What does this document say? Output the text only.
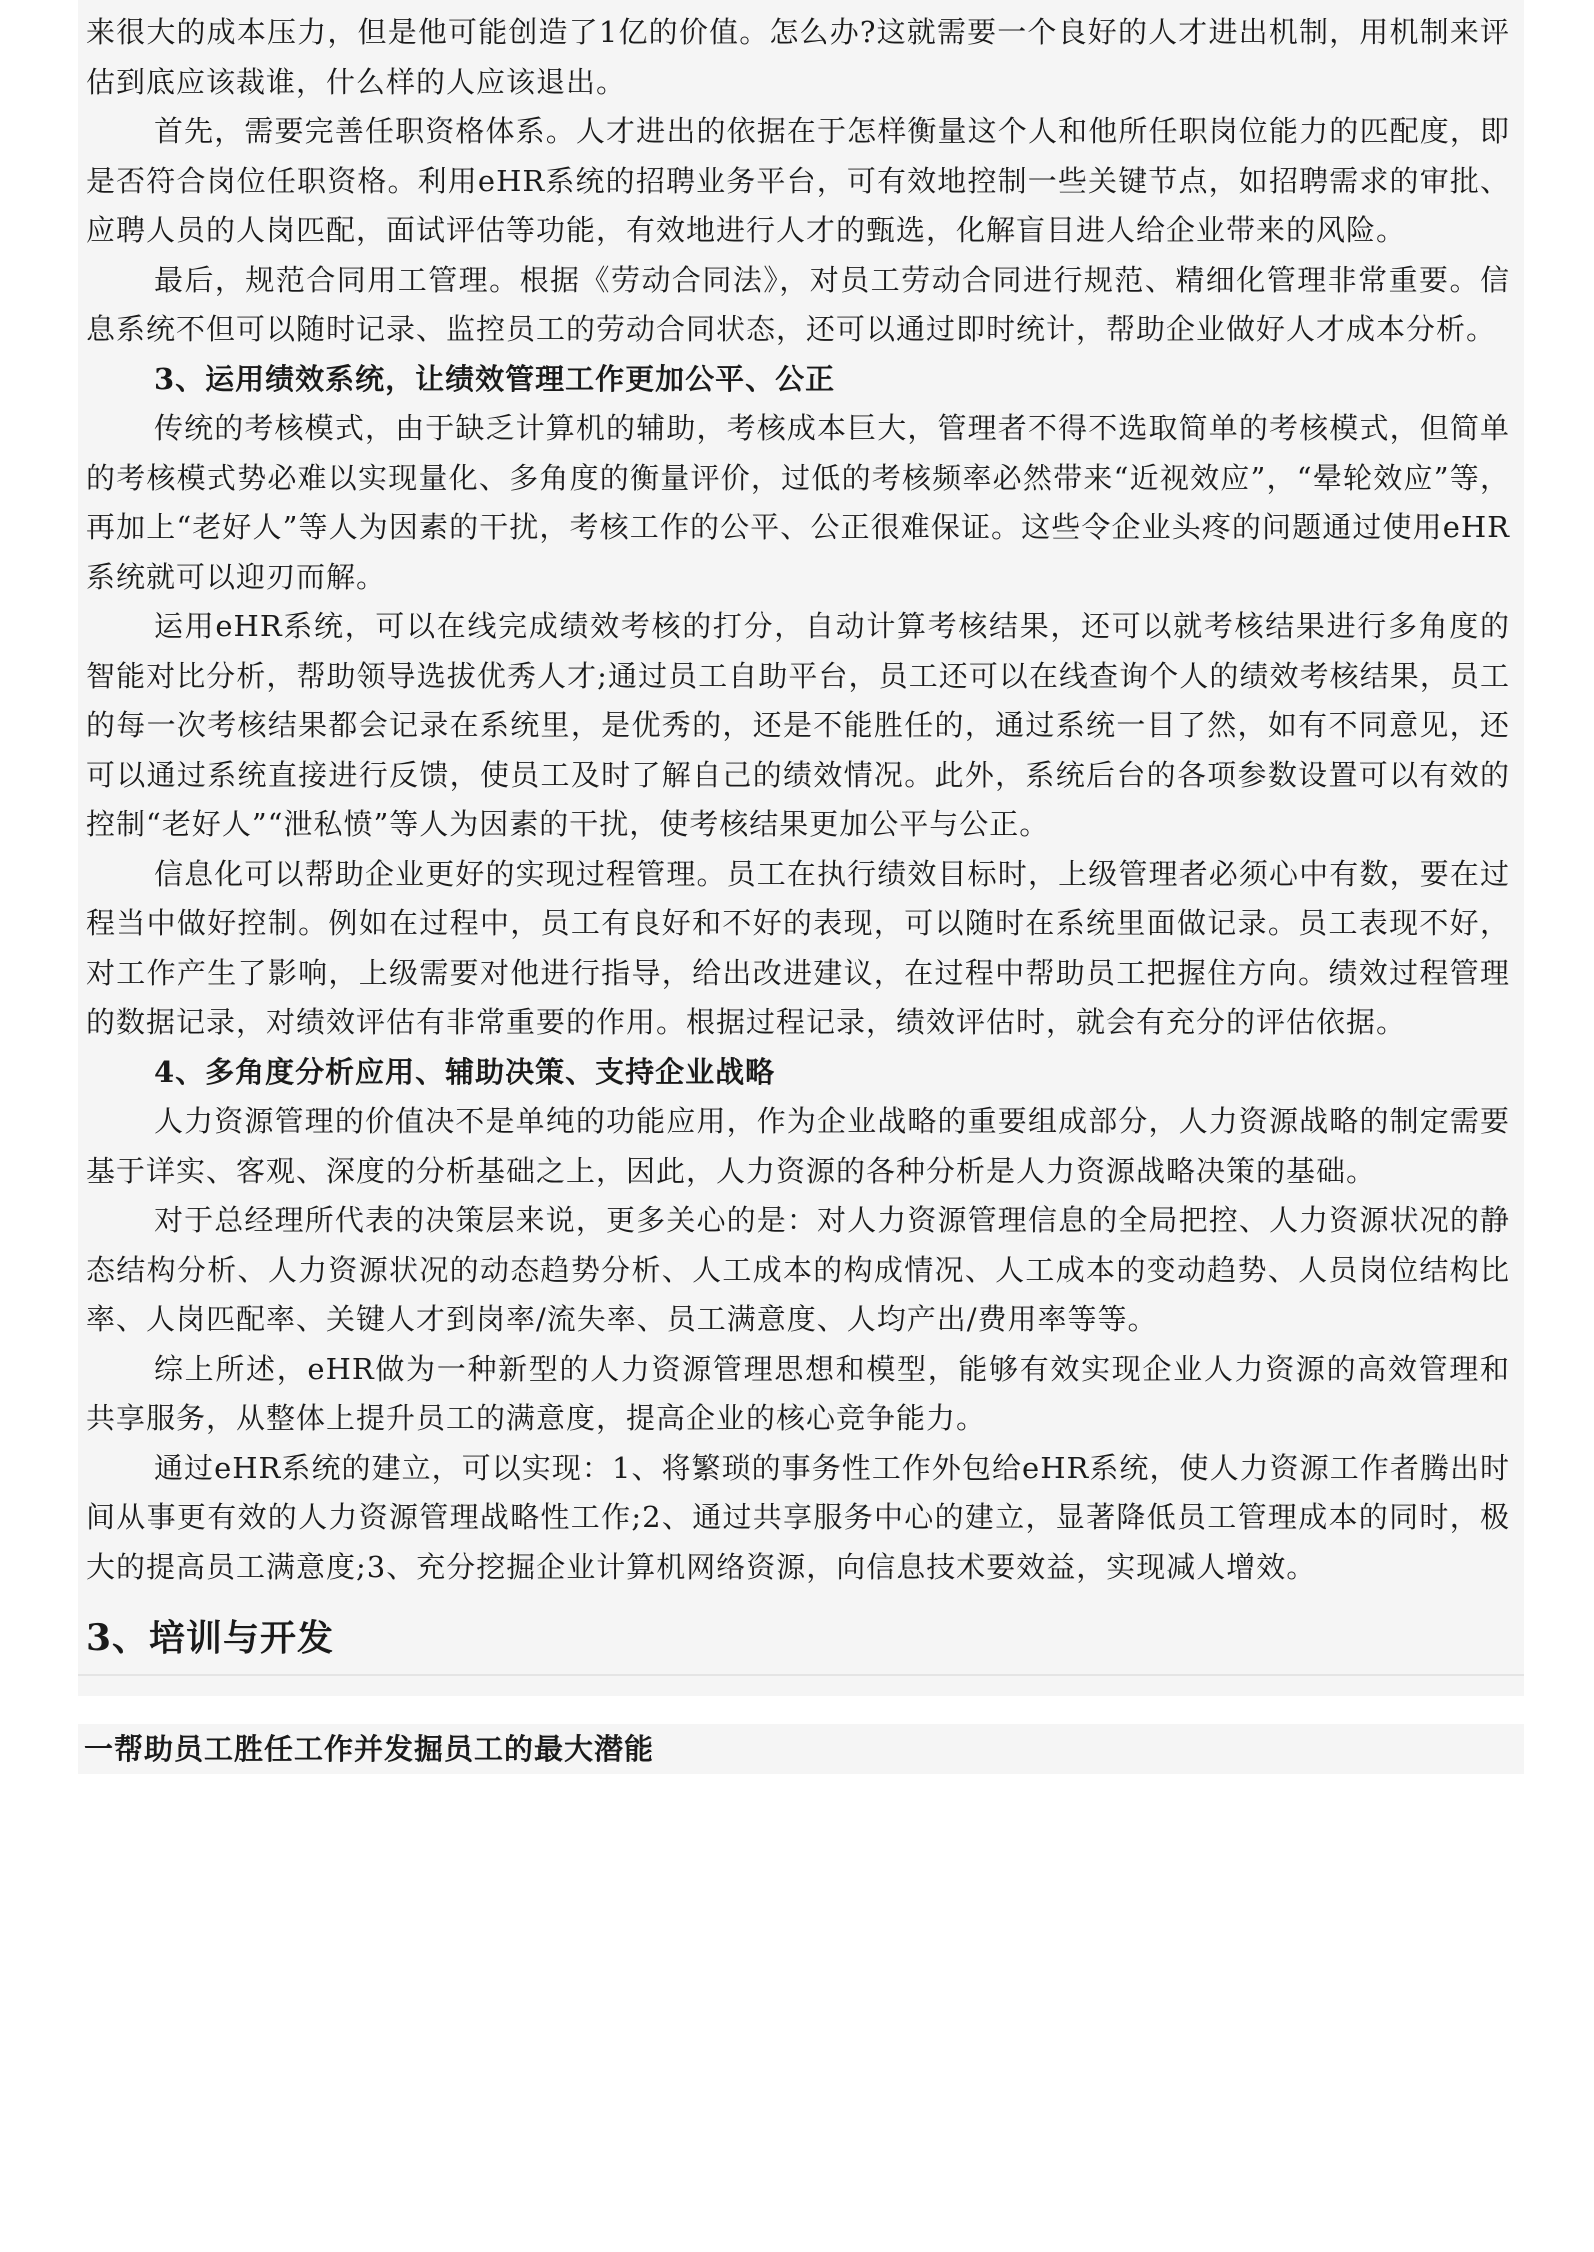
来很大的成本压力，但是他可能创造了1亿的价值。怎么办?这就需要一个良好的人才进出机制，用机制来评估到底应该裁谁，什么样的人应该退出。

首先，需要完善任职资格体系。人才进出的依据在于怎样衡量这个人和他所任职岗位能力的匹配度，即是否符合岗位任职资格。利用eHR系统的招聘业务平台，可有效地控制一些关键节点，如招聘需求的审批、应聘人员的人岗匹配，面试评估等功能，有效地进行人才的甄选，化解盲目进人给企业带来的风险。

最后，规范合同用工管理。根据《劳动合同法》，对员工劳动合同进行规范、精细化管理非常重要。信息系统不但可以随时记录、监控员工的劳动合同状态，还可以通过即时统计，帮助企业做好人才成本分析。

3、运用绩效系统，让绩效管理工作更加公平、公正

传统的考核模式，由于缺乏计算机的辅助，考核成本巨大，管理者不得不选取简单的考核模式，但简单的考核模式势必难以实现量化、多角度的衡量评价，过低的考核频率必然带来“近视效应”，“晕轮效应”等，再加上“老好人”等人为因素的干扰，考核工作的公平、公正很难保证。这些令企业头疼的问题通过使用eHR系统就可以迎刃而解。

运用eHR系统，可以在线完成绩效考核的打分，自动计算考核结果，还可以就考核结果进行多角度的智能对比分析，帮助领导选拔优秀人才;通过员工自助平台，员工还可以在线查询个人的绩效考核结果，员工的每一次考核结果都会记录在系统里，是优秀的，还是不能胜任的，通过系统一目了然，如有不同意见，还可以通过系统直接进行反馈，使员工及时了解自己的绩效情况。此外，系统后台的各项参数设置可以有效的控制“老好人”“泄私愤”等人为因素的干扰，使考核结果更加公平与公正。

信息化可以帮助企业更好的实现过程管理。员工在执行绩效目标时，上级管理者必须心中有数，要在过程当中做好控制。例如在过程中，员工有良好和不好的表现，可以随时在系统里面做记录。员工表现不好，对工作产生了影响，上级需要对他进行指导，给出改进建议，在过程中帮助员工把握住方向。绩效过程管理的数据记录，对绩效评估有非常重要的作用。根据过程记录，绩效评估时，就会有充分的评估依据。

4、多角度分析应用、辅助决策、支持企业战略

人力资源管理的价值决不是单纯的功能应用，作为企业战略的重要组成部分，人力资源战略的制定需要基于详实、客观、深度的分析基础之上，因此，人力资源的各种分析是人力资源战略决策的基础。

对于总经理所代表的决策层来说，更多关心的是：对人力资源管理信息的全局把控、人力资源状况的静态结构分析、人力资源状况的动态趋势分析、人工成本的构成情况、人工成本的变动趋势、人员岗位结构比率、人岗匹配率、关键人才到岗率/流失率、员工满意度、人均产出/费用率等等。

综上所述，eHR做为一种新型的人力资源管理思想和模型，能够有效实现企业人力资源的高效管理和共享服务，从整体上提升员工的满意度，提高企业的核心竞争能力。

通过eHR系统的建立，可以实现：1、将繁琐的事务性工作外包给eHR系统，使人力资源工作者腾出时间从事更有效的人力资源管理战略性工作;2、通过共享服务中心的建立，显著降低员工管理成本的同时，极大的提高员工满意度;3、充分挖掘企业计算机网络资源，向信息技术要效益，实现减人增效。

3、培训与开发

一帮助员工胜任工作并发掘员工的最大潜能
